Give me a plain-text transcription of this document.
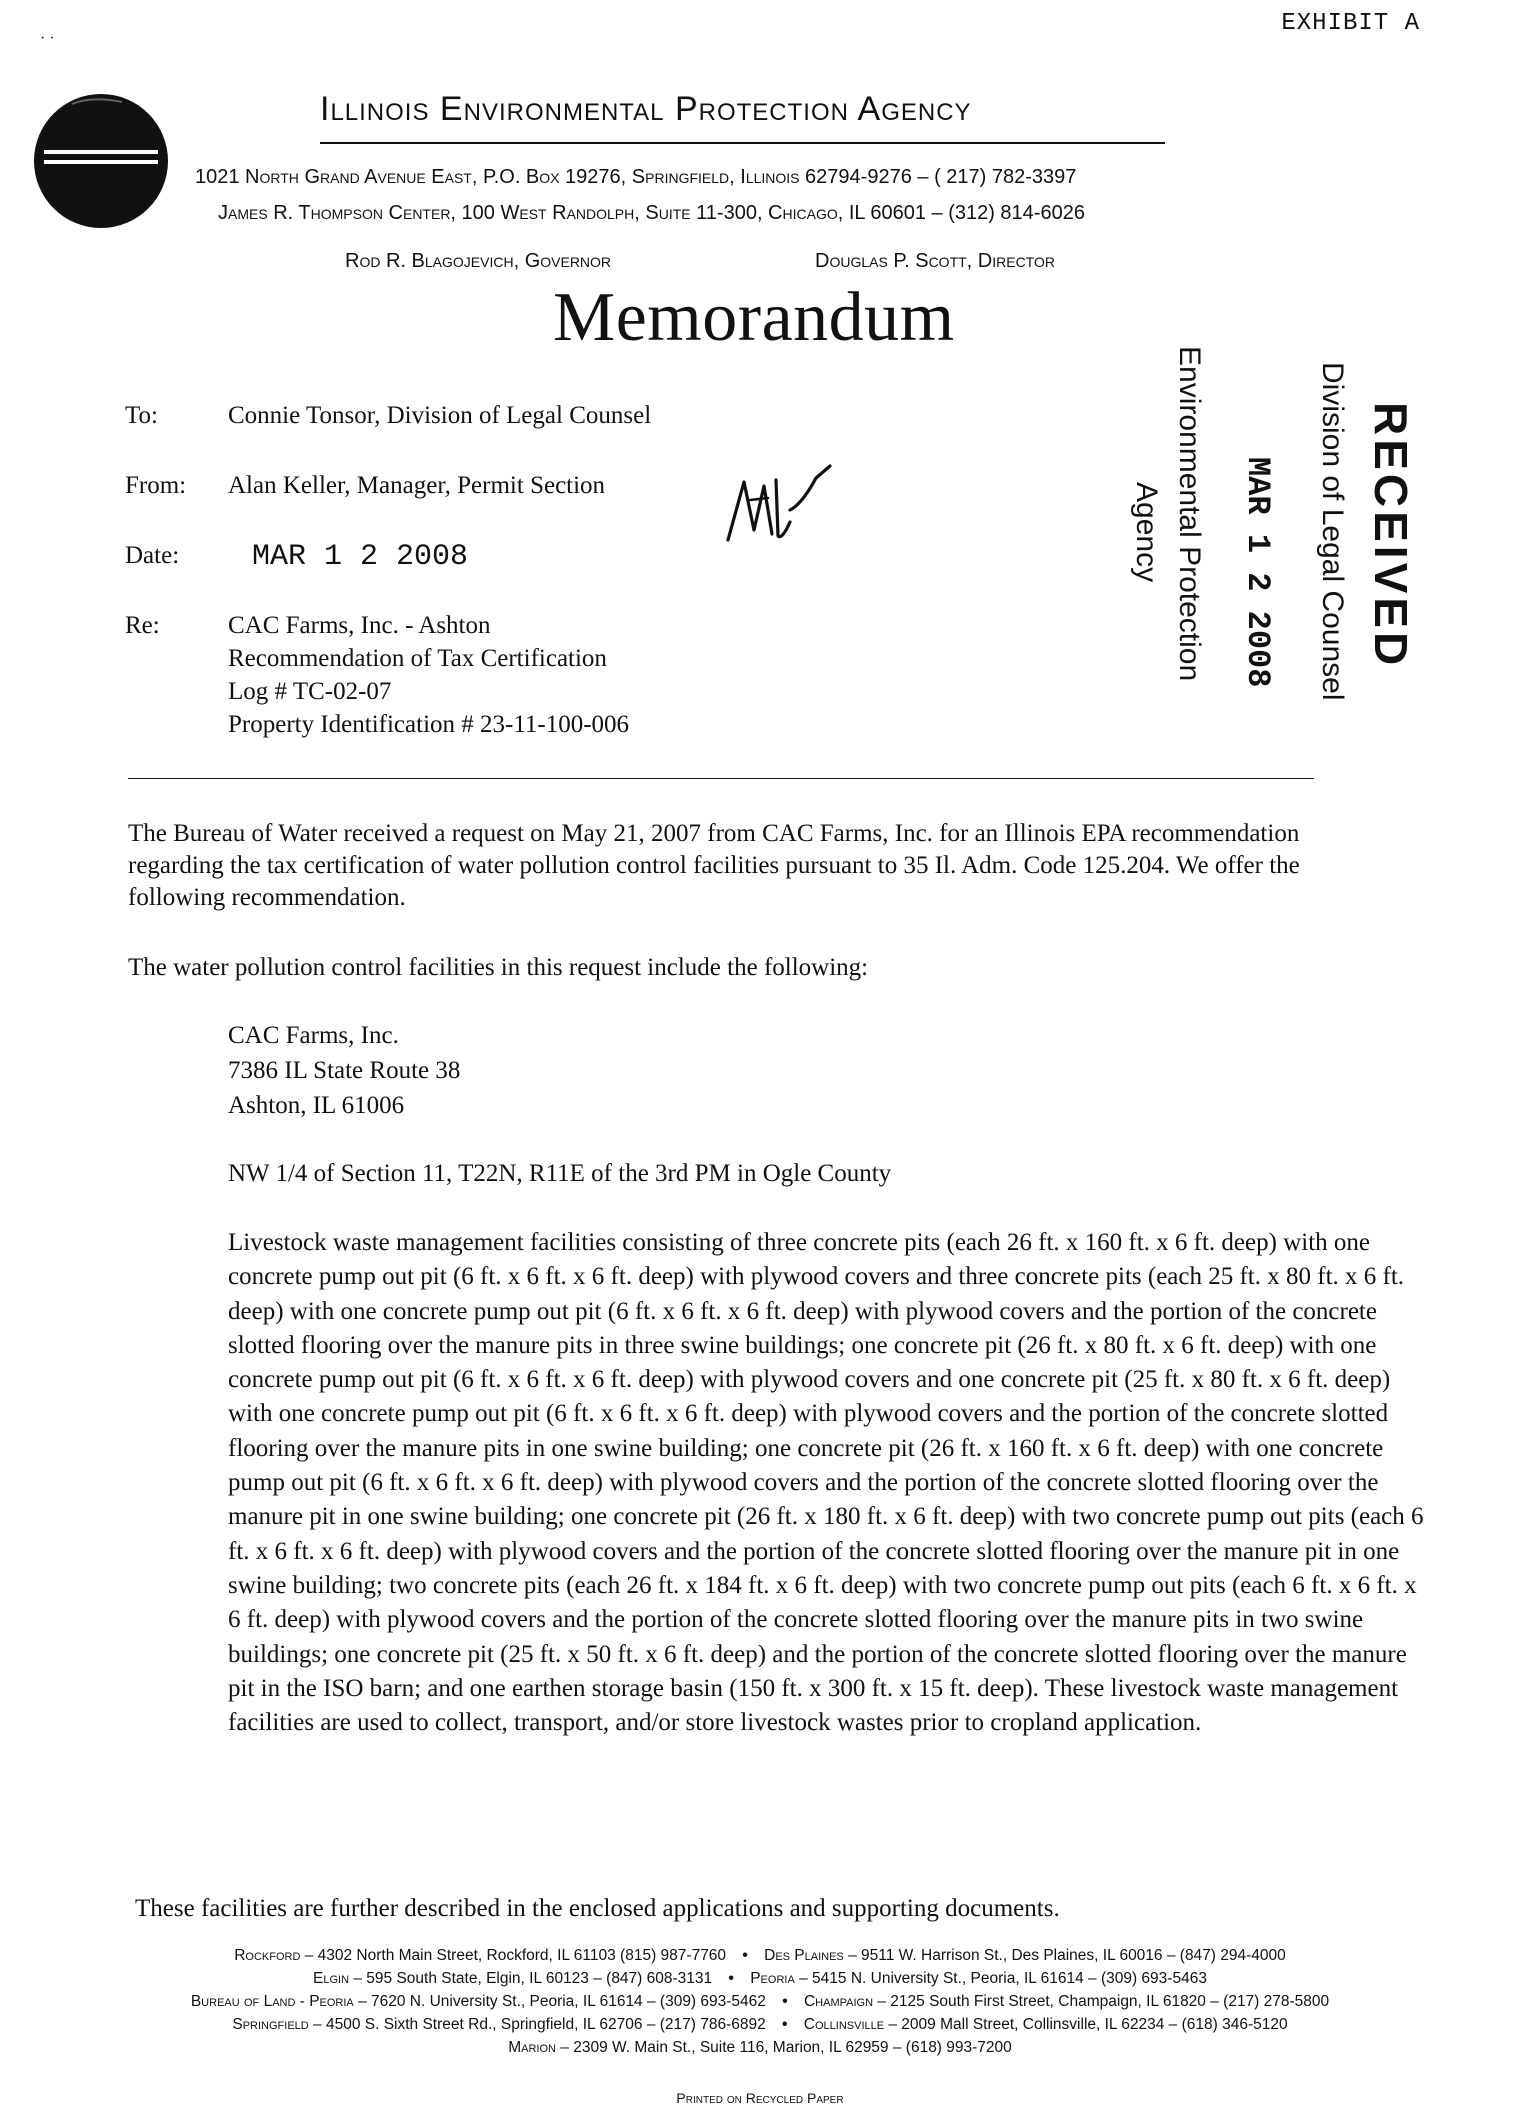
EXHIBIT A
· ·
Illinois Environmental Protection Agency
1021 North Grand Avenue East, P.O. Box 19276, Springfield, Illinois 62794-9276 – ( 217) 782-3397
James R. Thompson Center, 100 West Randolph, Suite 11-300, Chicago, IL 60601 – (312) 814-6026
Rod R. Blagojevich, Governor	Douglas P. Scott, Director
Memorandum
To:	Connie Tonsor, Division of Legal Counsel
From: Alan Keller, Manager, Permit Section
Date: MAR 1 2 2008
Re:	CAC Farms, Inc. - Ashton
Recommendation of Tax Certification
Log # TC-02-07
Property Identification # 23-11-100-006
RECEIVED
Division of Legal Counsel
MAR 1 2 2008
Environmental Protection
Agency
The Bureau of Water received a request on May 21, 2007 from CAC Farms, Inc. for an Illinois EPA recommendation regarding the tax certification of water pollution control facilities pursuant to 35 Il. Adm. Code 125.204. We offer the following recommendation.
The water pollution control facilities in this request include the following:
CAC Farms, Inc.
7386 IL State Route 38
Ashton, IL 61006
NW 1/4 of Section 11, T22N, R11E of the 3rd PM in Ogle County
Livestock waste management facilities consisting of three concrete pits (each 26 ft. x 160 ft. x 6 ft. deep) with one concrete pump out pit (6 ft. x 6 ft. x 6 ft. deep) with plywood covers and three concrete pits (each 25 ft. x 80 ft. x 6 ft. deep) with one concrete pump out pit (6 ft. x 6 ft. x 6 ft. deep) with plywood covers and the portion of the concrete slotted flooring over the manure pits in three swine buildings; one concrete pit (26 ft. x 80 ft. x 6 ft. deep) with one concrete pump out pit (6 ft. x 6 ft. x 6 ft. deep) with plywood covers and one concrete pit (25 ft. x 80 ft. x 6 ft. deep) with one concrete pump out pit (6 ft. x 6 ft. x 6 ft. deep) with plywood covers and the portion of the concrete slotted flooring over the manure pits in one swine building; one concrete pit (26 ft. x 160 ft. x 6 ft. deep) with one concrete pump out pit (6 ft. x 6 ft. x 6 ft. deep) with plywood covers and the portion of the concrete slotted flooring over the manure pit in one swine building; one concrete pit (26 ft. x 180 ft. x 6 ft. deep) with two concrete pump out pits (each 6 ft. x 6 ft. x 6 ft. deep) with plywood covers and the portion of the concrete slotted flooring over the manure pit in one swine building; two concrete pits (each 26 ft. x 184 ft. x 6 ft. deep) with two concrete pump out pits (each 6 ft. x 6 ft. x 6 ft. deep) with plywood covers and the portion of the concrete slotted flooring over the manure pits in two swine buildings; one concrete pit (25 ft. x 50 ft. x 6 ft. deep) and the portion of the concrete slotted flooring over the manure pit in the ISO barn; and one earthen storage basin (150 ft. x 300 ft. x 15 ft. deep). These livestock waste management facilities are used to collect, transport, and/or store livestock wastes prior to cropland application.
These facilities are further described in the enclosed applications and supporting documents.
Rockford – 4302 North Main Street, Rockford, IL 61103 (815) 987-7760 • Des Plaines – 9511 W. Harrison St., Des Plaines, IL 60016 – (847) 294-4000
Elgin – 595 South State, Elgin, IL 60123 – (847) 608-3131 • Peoria – 5415 N. University St., Peoria, IL 61614 – (309) 693-5463
Bureau of Land - Peoria – 7620 N. University St., Peoria, IL 61614 – (309) 693-5462 • Champaign – 2125 South First Street, Champaign, IL 61820 – (217) 278-5800
Springfield – 4500 S. Sixth Street Rd., Springfield, IL 62706 – (217) 786-6892 • Collinsville – 2009 Mall Street, Collinsville, IL 62234 – (618) 346-5120
Marion – 2309 W. Main St., Suite 116, Marion, IL 62959 – (618) 993-7200
Printed on Recycled Paper
